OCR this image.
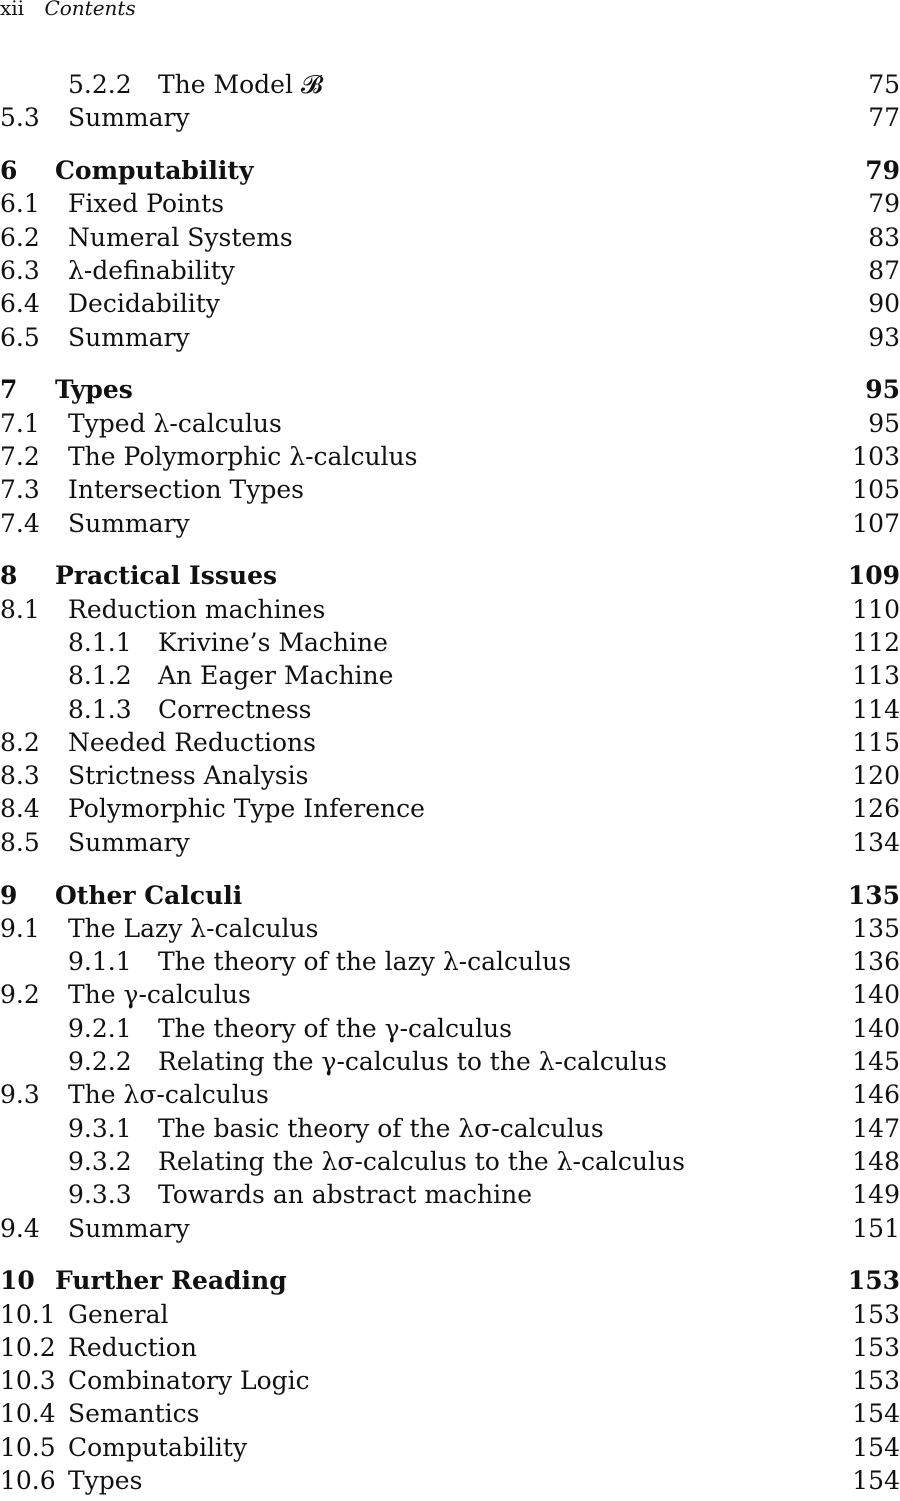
xii Contents
5.2.2 The Model 𝓑	75
5.3 Summary	77
6 Computability	79
6.1 Fixed Points	79
6.2 Numeral Systems	83
6.3 λ-definability	87
6.4 Decidability	90
6.5 Summary	93
7 Types	95
7.1 Typed λ-calculus	95
7.2 The Polymorphic λ-calculus	103
7.3 Intersection Types	105
7.4 Summary	107
8 Practical Issues	109
8.1 Reduction machines	110
8.1.1 Krivine’s Machine	112
8.1.2 An Eager Machine	113
8.1.3 Correctness	114
8.2 Needed Reductions	115
8.3 Strictness Analysis	120
8.4 Polymorphic Type Inference	126
8.5 Summary	134
9 Other Calculi	135
9.1 The Lazy λ-calculus	135
9.1.1 The theory of the lazy λ-calculus	136
9.2 The γ-calculus	140
9.2.1 The theory of the γ-calculus	140
9.2.2 Relating the γ-calculus to the λ-calculus	145
9.3 The λσ-calculus	146
9.3.1 The basic theory of the λσ-calculus	147
9.3.2 Relating the λσ-calculus to the λ-calculus	148
9.3.3 Towards an abstract machine	149
9.4 Summary	151
10 Further Reading	153
10.1 General	153
10.2 Reduction	153
10.3 Combinatory Logic	153
10.4 Semantics	154
10.5 Computability	154
10.6 Types	154
